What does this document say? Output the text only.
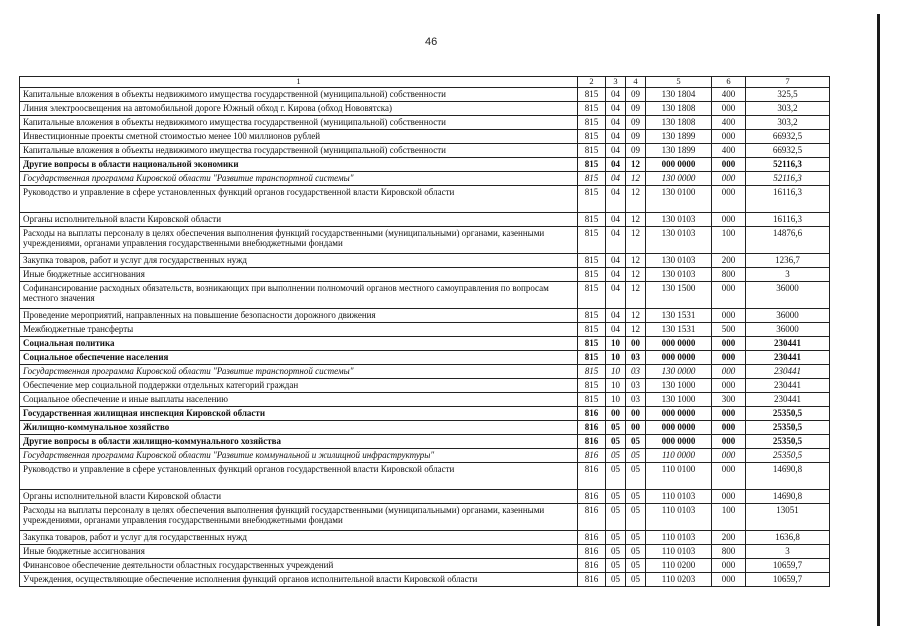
46
1	2	3	4	5	6	7
Капитальные вложения в объекты недвижимого имущества государственной (муниципальной) собственности	815	04	09	130 1804	400	325,5
Линия электроосвещения на автомобильной дороге Южный обход г. Кирова (обход Нововятска)	815	04	09	130 1808	000	303,2
Капитальные вложения в объекты недвижимого имущества государственной (муниципальной) собственности	815	04	09	130 1808	400	303,2
Инвестиционные проекты сметной стоимостью менее 100 миллионов рублей	815	04	09	130 1899	000	66932,5
Капитальные вложения в объекты недвижимого имущества государственной (муниципальной) собственности	815	04	09	130 1899	400	66932,5
Другие вопросы в области национальной экономики	815	04	12	000 0000	000	52116,3
Государственная программа Кировской области "Развитие транспортной системы"	815	04	12	130 0000	000	52116,3
Руководство и управление в сфере установленных функций органов государственной власти Кировской области	815	04	12	130 0100	000	16116,3
Органы исполнительной власти Кировской области	815	04	12	130 0103	000	16116,3
Расходы на выплаты персоналу в целях обеспечения выполнения функций государственными (муниципальными) органами, казенными учреждениями, органами управления государственными внебюджетными фондами	815	04	12	130 0103	100	14876,6
Закупка товаров, работ и услуг для государственных нужд	815	04	12	130 0103	200	1236,7
Иные бюджетные ассигнования	815	04	12	130 0103	800	3
Софинансирование расходных обязательств, возникающих при выполнении полномочий органов местного самоуправления по вопросам местного значения	815	04	12	130 1500	000	36000
Проведение мероприятий, направленных на повышение безопасности дорожного движения	815	04	12	130 1531	000	36000
Межбюджетные трансферты	815	04	12	130 1531	500	36000
Социальная политика	815	10	00	000 0000	000	230441
Социальное обеспечение населения	815	10	03	000 0000	000	230441
Государственная программа Кировской области "Развитие транспортной системы"	815	10	03	130 0000	000	230441
Обеспечение мер социальной поддержки отдельных категорий граждан	815	10	03	130 1000	000	230441
Социальное обеспечение и иные выплаты населению	815	10	03	130 1000	300	230441
Государственная жилищная инспекция Кировской области	816	00	00	000 0000	000	25350,5
Жилищно-коммунальное хозяйство	816	05	00	000 0000	000	25350,5
Другие вопросы в области жилищно-коммунального хозяйства	816	05	05	000 0000	000	25350,5
Государственная программа Кировской области "Развитие коммунальной и жилищной инфраструктуры"	816	05	05	110 0000	000	25350,5
Руководство и управление в сфере установленных функций органов государственной власти Кировской области	816	05	05	110 0100	000	14690,8
Органы исполнительной власти Кировской области	816	05	05	110 0103	000	14690,8
Расходы на выплаты персоналу в целях обеспечения выполнения функций государственными (муниципальными) органами, казенными учреждениями, органами управления государственными внебюджетными фондами	816	05	05	110 0103	100	13051
Закупка товаров, работ и услуг для государственных нужд	816	05	05	110 0103	200	1636,8
Иные бюджетные ассигнования	816	05	05	110 0103	800	3
Финансовое обеспечение деятельности областных государственных учреждений	816	05	05	110 0200	000	10659,7
Учреждения, осуществляющие обеспечение исполнения функций органов исполнительной власти Кировской области	816	05	05	110 0203	000	10659,7
